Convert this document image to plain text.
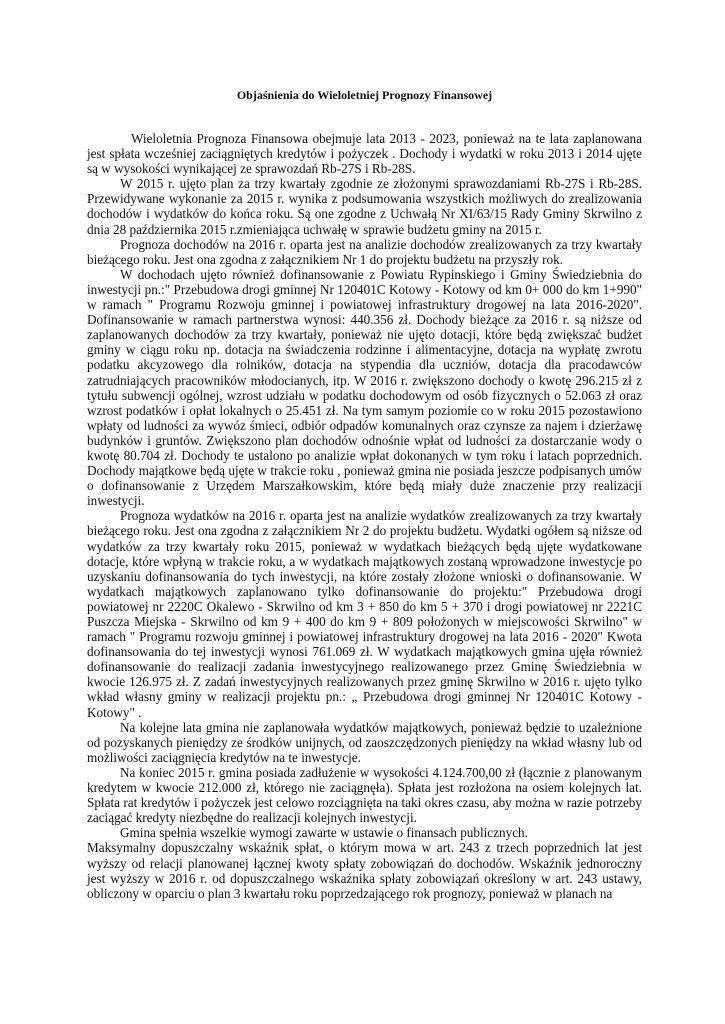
Objaśnienia do Wieloletniej Prognozy Finansowej

Wieloletnia Prognoza Finansowa obejmuje lata 2013 - 2023, ponieważ na te lata zaplanowana jest spłata wcześniej zaciągniętych kredytów i pożyczek . Dochody i wydatki w roku 2013 i 2014 ujęte są w wysokości wynikającej ze sprawozdań Rb-27S i Rb-28S.

W 2015 r. ujęto plan za trzy kwartały zgodnie ze złożonymi sprawozdaniami Rb-27S i Rb-28S. Przewidywane wykonanie za 2015 r. wynika z podsumowania wszystkich możliwych do zrealizowania dochodów i wydatków do końca roku. Są one zgodne z Uchwałą Nr XI/63/15 Rady Gminy Skrwilno z dnia 28 października 2015 r.zmieniająca uchwałę w sprawie budżetu gminy na 2015 r.

Prognoza dochodów na 2016 r. oparta jest na analizie dochodów zrealizowanych za trzy kwartały bieżącego roku. Jest ona zgodna z załącznikiem Nr 1 do projektu budżetu na przyszły rok.

W dochodach ujęto również dofinansowanie z Powiatu Rypinskiego i Gminy Świedziebnia do inwestycji pn.:" Przebudowa drogi gminnej Nr 120401C Kotowy - Kotowy od km 0+ 000 do km 1+990" w ramach " Programu Rozwoju gminnej i powiatowej infrastruktury drogowej na lata 2016-2020". Dofinansowanie w ramach partnerstwa wynosi: 440.356 zł. Dochody bieżące za 2016 r. są niższe od zaplanowanych dochodów za trzy kwartały, ponieważ nie ujęto dotacji, które będą zwiększać budżet gminy w ciągu roku np. dotacja na świadczenia rodzinne i alimentacyjne, dotacja na wypłatę zwrotu podatku akcyzowego dla rolników, dotacja na stypendia dla uczniów, dotacja dla pracodawców zatrudniających pracowników młodocianych, itp. W 2016 r. zwiększono dochody o kwotę 296.215 zł z tytułu subwencji ogólnej, wzrost udziału w podatku dochodowym od osób fizycznych o 52.063 zł oraz wzrost podatków i opłat lokalnych o 25.451 zł. Na tym samym poziomie co w roku 2015 pozostawiono wpłaty od ludności za wywóz śmieci, odbiór odpadów komunalnych oraz czynsze za najem i dzierżawę budynków i gruntów. Zwiększono plan dochodów odnośnie wpłat od ludności za dostarczanie wody o kwotę 80.704 zł. Dochody te ustalono po analizie wpłat dokonanych w tym roku i latach poprzednich. Dochody majątkowe będą ujęte w trakcie roku , ponieważ gmina nie posiada jeszcze podpisanych umów o dofinansowanie z Urzędem Marszałkowskim, które będą miały duże znaczenie przy realizacji inwestycji.

Prognoza wydatków na 2016 r. oparta jest na analizie wydatków zrealizowanych za trzy kwartały bieżącego roku. Jest ona zgodna z załącznikiem Nr 2 do projektu budżetu. Wydatki ogółem są niższe od wydatków za trzy kwartały roku 2015, ponieważ w wydatkach bieżących będą ujęte wydatkowane dotacje, które wpłyną w trakcie roku, a w wydatkach majątkowych zostaną wprowadzone inwestycje po uzyskaniu dofinansowania do tych inwestycji, na które zostały złożone wnioski o dofinansowanie. W wydatkach majątkowych zaplanowano tylko dofinansowanie do projektu:" Przebudowa drogi powiatowej nr 2220C Okalewo - Skrwilno od km 3 + 850 do km 5 + 370 i drogi powiatowej nr 2221C Puszcza Miejska - Skrwilno od km 9 + 400 do km 9 + 809 położonych w miejscowości Skrwilno" w ramach " Programu rozwoju gminnej i powiatowej infrastruktury drogowej na lata 2016 - 2020" Kwota dofinansowania do tej inwestycji wynosi 761.069 zł. W wydatkach majątkowych gmina ujęła również dofinansowanie do realizacji zadania inwestycyjnego realizowanego przez Gminę Świedziebnia w kwocie 126.975 zł. Z zadań inwestycyjnych realizowanych przez gminę Skrwilno w 2016 r. ujęto tylko wkład własny gminy w realizacji projektu pn.: „ Przebudowa drogi gminnej Nr 120401C Kotowy - Kotowy" .

Na kolejne lata gmina nie zaplanowała wydatków majątkowych, ponieważ będzie to uzależnione od pozyskanych pieniędzy ze środków unijnych, od zaoszczędzonych pieniędzy na wkład własny lub od możliwości zaciągnięcia kredytów na te inwestycje.

Na koniec 2015 r. gmina posiada zadłużenie w wysokości 4.124.700,00 zł (łącznie z planowanym kredytem w kwocie 212.000 zł, którego nie zaciągnęła). Spłata jest rozłożona na osiem kolejnych lat. Spłata rat kredytów i pożyczek jest celowo rozciągnięta na taki okres czasu, aby można w razie potrzeby zaciągać kredyty niezbędne do realizacji kolejnych inwestycji.

Gmina spełnia wszelkie wymogi zawarte w ustawie o finansach publicznych.

Maksymalny dopuszczalny wskaźnik spłat, o którym mowa w art. 243 z trzech poprzednich lat jest wyższy od relacji planowanej łącznej kwoty spłaty zobowiązań do dochodów. Wskaźnik jednoroczny jest wyższy w 2016 r. od dopuszczalnego wskaźnika spłaty zobowiązań określony w art. 243 ustawy, obliczony w oparciu o plan 3 kwartału roku poprzedzającego rok prognozy, ponieważ w planach na
